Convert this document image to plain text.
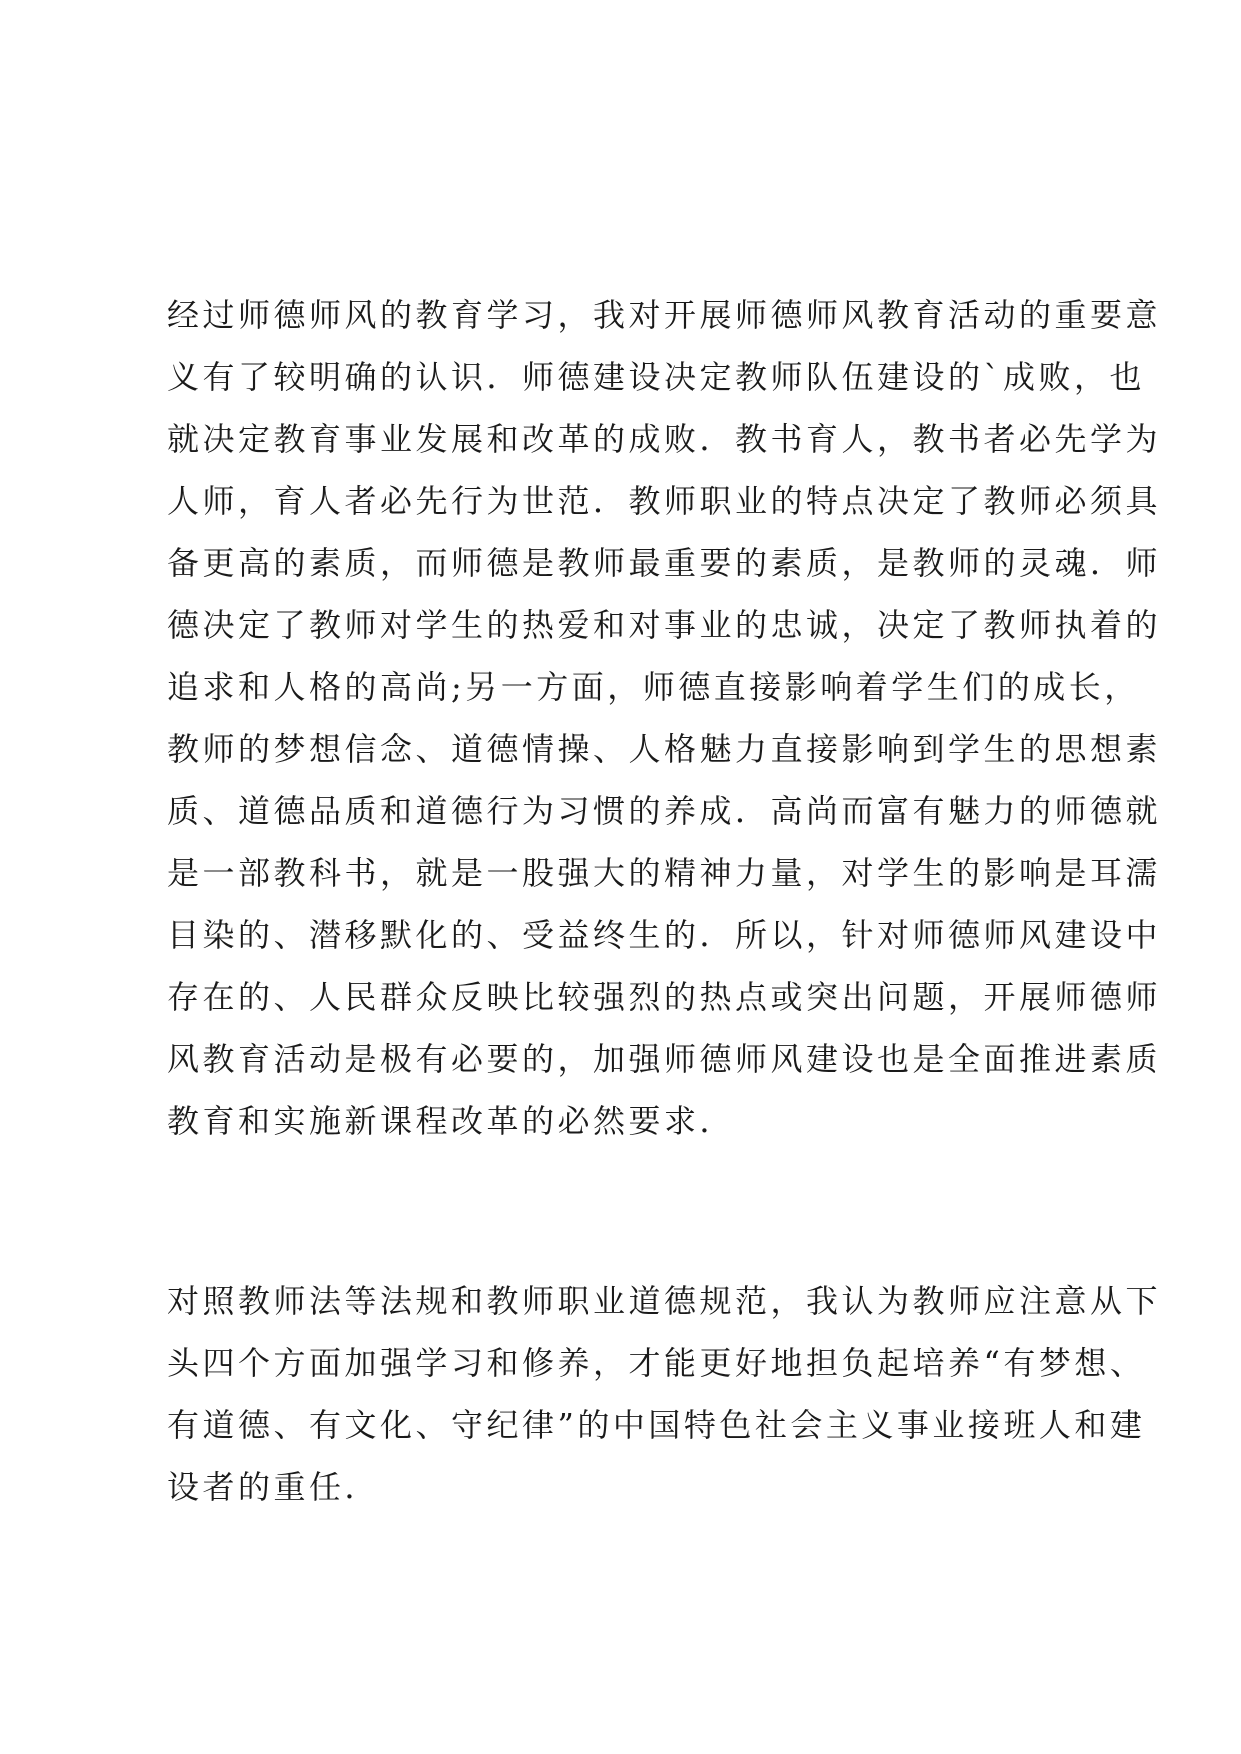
经过师德师风的教育学习，我对开展师德师风教育活动的重要意
义有了较明确的认识．师德建设决定教师队伍建设的`成败，也
就决定教育事业发展和改革的成败．教书育人，教书者必先学为
人师，育人者必先行为世范．教师职业的特点决定了教师必须具
备更高的素质，而师德是教师最重要的素质，是教师的灵魂．师
德决定了教师对学生的热爱和对事业的忠诚，决定了教师执着的
追求和人格的高尚;另一方面，师德直接影响着学生们的成长，
教师的梦想信念、道德情操、人格魅力直接影响到学生的思想素
质、道德品质和道德行为习惯的养成．高尚而富有魅力的师德就
是一部教科书，就是一股强大的精神力量，对学生的影响是耳濡
目染的、潜移默化的、受益终生的．所以，针对师德师风建设中
存在的、人民群众反映比较强烈的热点或突出问题，开展师德师
风教育活动是极有必要的，加强师德师风建设也是全面推进素质
教育和实施新课程改革的必然要求．
对照教师法等法规和教师职业道德规范，我认为教师应注意从下
头四个方面加强学习和修养，才能更好地担负起培养“有梦想、
有道德、有文化、守纪律”的中国特色社会主义事业接班人和建
设者的重任．
